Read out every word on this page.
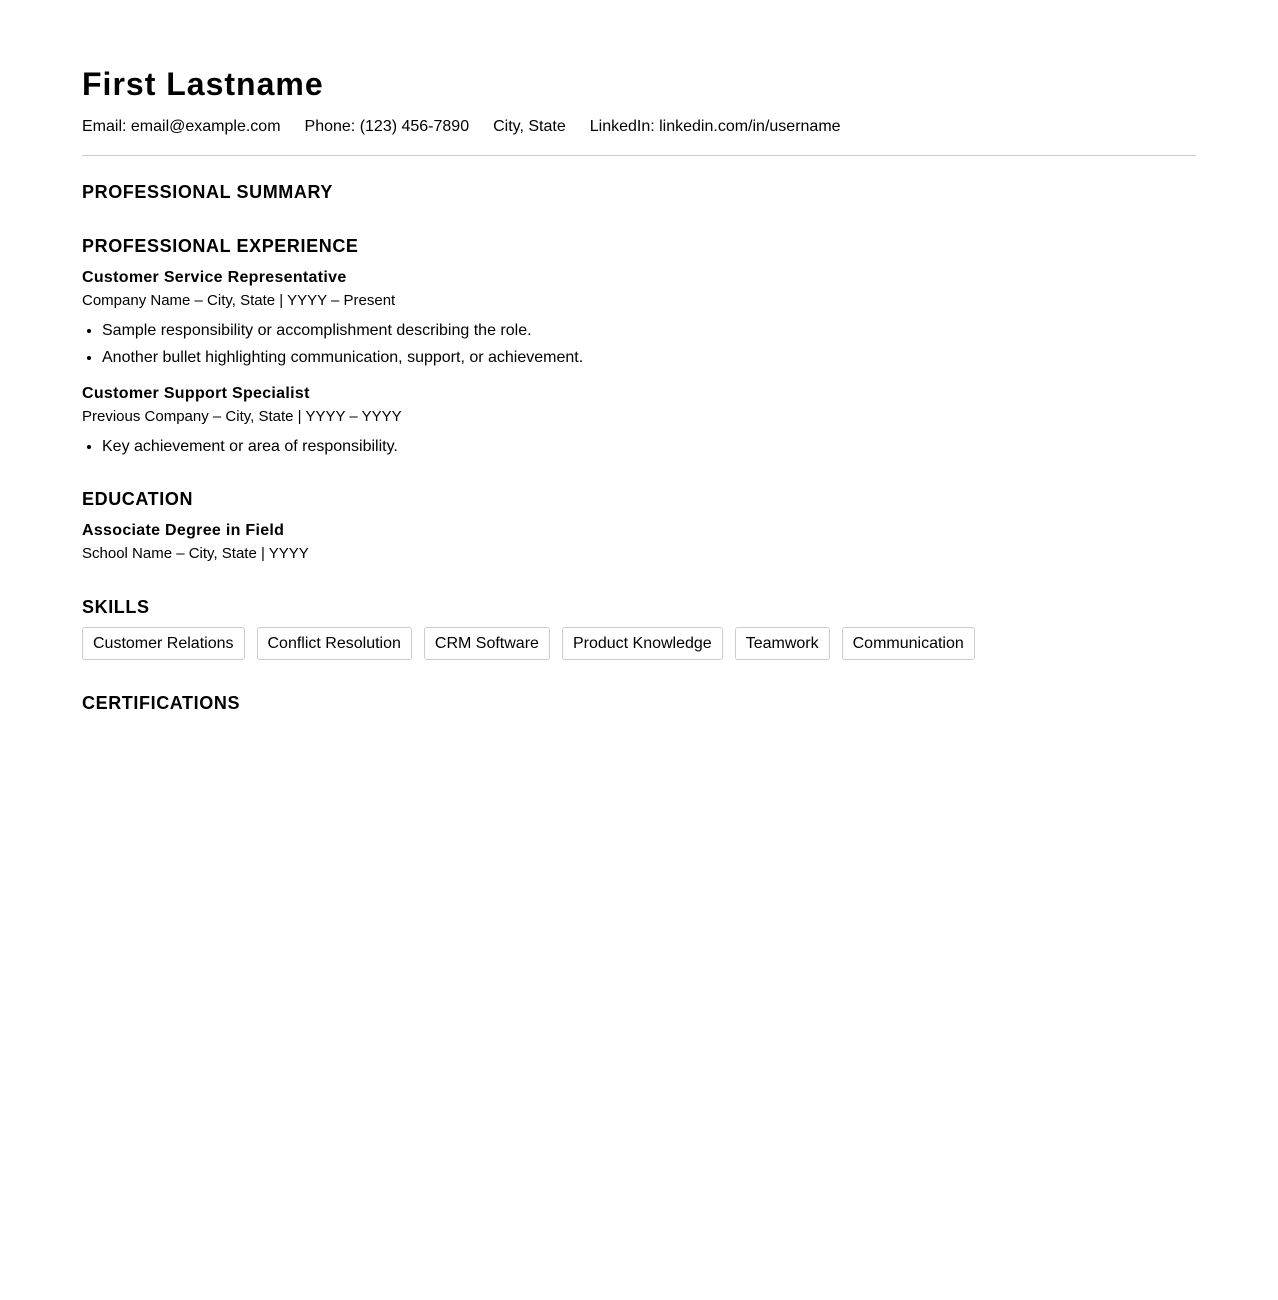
First Lastname
Email: email@example.com Phone: (123) 456-7890 City, State LinkedIn: linkedin.com/in/username
PROFESSIONAL SUMMARY
PROFESSIONAL EXPERIENCE
Customer Service Representative
Company Name – City, State | YYYY – Present
• Sample responsibility or accomplishment describing the role.
• Another bullet highlighting communication, support, or achievement.
Customer Support Specialist
Previous Company – City, State | YYYY – YYYY
• Key achievement or area of responsibility.
EDUCATION
Associate Degree in Field
School Name – City, State | YYYY
SKILLS
Customer Relations	Conflict Resolution	CRM Software	Product Knowledge	Teamwork	Communication
CERTIFICATIONS
